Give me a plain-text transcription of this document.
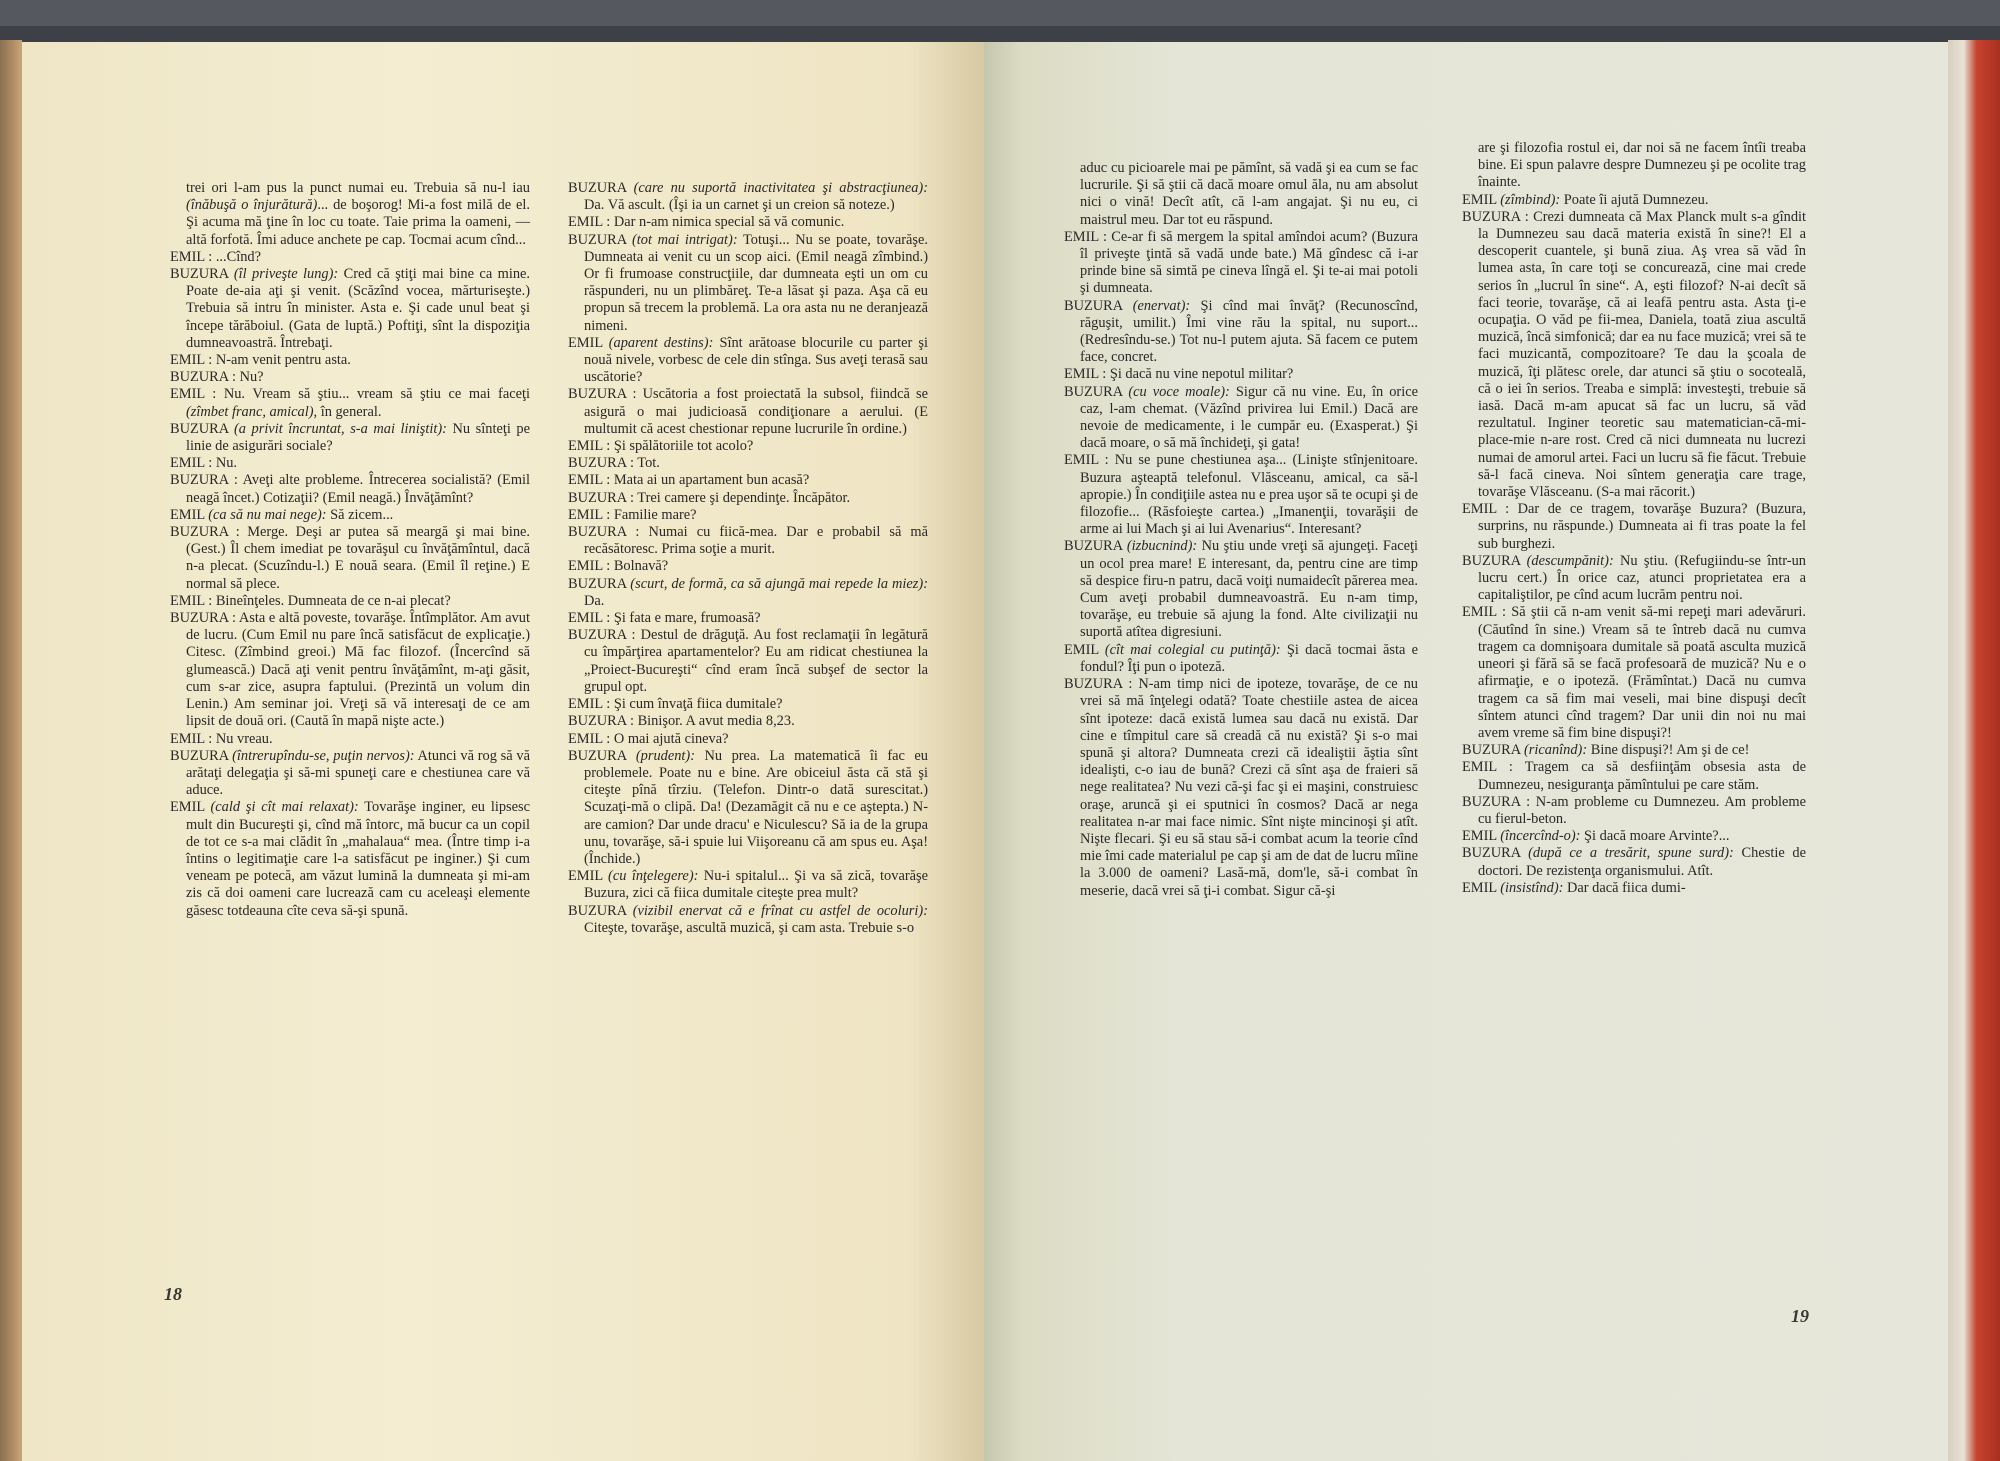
trei ori l-am pus la punct numai eu. Trebuia să nu-l iau (înăbuşă o înjurătură)... de boşorog! Mi-a fost milă de el. Şi acuma mă ţine în loc cu toate. Taie prima la oameni, — altă forfotă. Îmi aduce anchete pe cap. Tocmai acum cînd...

EMIL : ...Cînd?

BUZURA (îl priveşte lung): Cred că ştiţi mai bine ca mine. Poate de-aia aţi şi venit. (Scăzînd vocea, mărturiseşte.) Trebuia să intru în minister. Asta e. Şi cade unul beat şi începe tărăboiul. (Gata de luptă.) Poftiţi, sînt la dispoziţia dumneavoastră. Întrebaţi.

EMIL : N-am venit pentru asta.

BUZURA : Nu?

EMIL : Nu. Vream să ştiu... vream să ştiu ce mai faceţi (zîmbet franc, amical), în general.

BUZURA (a privit încruntat, s-a mai liniştit): Nu sînteţi pe linie de asigurări sociale?

EMIL : Nu.

BUZURA : Aveţi alte probleme. Întrecerea socialistă? (Emil neagă încet.) Cotizaţii? (Emil neagă.) Învăţămînt?

EMIL (ca să nu mai nege): Să zicem...

BUZURA : Merge. Deşi ar putea să meargă şi mai bine. (Gest.) Îl chem imediat pe tovarăşul cu învăţămîntul, dacă n-a plecat. (Scuzîndu-l.) E nouă seara. (Emil îl reţine.) E normal să plece.

EMIL : Bineînţeles. Dumneata de ce n-ai plecat?

BUZURA : Asta e altă poveste, tovarăşe. Întîmplător. Am avut de lucru. (Cum Emil nu pare încă satisfăcut de explicaţie.) Citesc. (Zîmbind greoi.) Mă fac filozof. (Încercînd să glumească.) Dacă aţi venit pentru învăţămînt, m-aţi găsit, cum s-ar zice, asupra faptului. (Prezintă un volum din Lenin.) Am seminar joi. Vreţi să vă interesaţi de ce am lipsit de două ori. (Caută în mapă nişte acte.)

EMIL : Nu vreau.

BUZURA (întrerupîndu-se, puţin nervos): Atunci vă rog să vă arătaţi delegaţia şi să-mi spuneţi care e chestiunea care vă aduce.

EMIL (cald şi cît mai relaxat): Tovarăşe inginer, eu lipsesc mult din Bucureşti şi, cînd mă întorc, mă bucur ca un copil de tot ce s-a mai clădit în „mahalaua“ mea. (Între timp i-a întins o legitimaţie care l-a satisfăcut pe inginer.) Şi cum veneam pe potecă, am văzut lumină la dumneata şi mi-am zis că doi oameni care lucrează cam cu aceleaşi elemente găsesc totdeauna cîte ceva să-şi spună.

BUZURA (care nu suportă inactivitatea şi abstracţiunea): Da. Vă ascult. (Îşi ia un carnet şi un creion să noteze.)

EMIL : Dar n-am nimica special să vă comunic.

BUZURA (tot mai intrigat): Totuşi... Nu se poate, tovarăşe. Dumneata ai venit cu un scop aici. (Emil neagă zîmbind.) Or fi frumoase construcţiile, dar dumneata eşti un om cu răspunderi, nu un plimbăreţ. Te-a lăsat şi paza. Aşa că eu propun să trecem la problemă. La ora asta nu ne deranjează nimeni.

EMIL (aparent destins): Sînt arătoase blocurile cu parter şi nouă nivele, vorbesc de cele din stînga. Sus aveţi terasă sau uscătorie?

BUZURA : Uscătoria a fost proiectată la subsol, fiindcă se asigură o mai judicioasă condiţionare a aerului. (E multumit că acest chestionar repune lucrurile în ordine.)

EMIL : Şi spălătoriile tot acolo?

BUZURA : Tot.

EMIL : Mata ai un apartament bun acasă?

BUZURA : Trei camere şi dependinţe. Încăpător.

EMIL : Familie mare?

BUZURA : Numai cu fiică-mea. Dar e probabil să mă recăsătoresc. Prima soţie a murit.

EMIL : Bolnavă?

BUZURA (scurt, de formă, ca să ajungă mai repede la miez): Da.

EMIL : Şi fata e mare, frumoasă?

BUZURA : Destul de drăguţă. Au fost reclamaţii în legătură cu împărţirea apartamentelor? Eu am ridicat chestiunea la „Proiect-Bucureşti“ cînd eram încă subşef de sector la grupul opt.

EMIL : Şi cum învaţă fiica dumitale?

BUZURA : Binişor. A avut media 8,23.

EMIL : O mai ajută cineva?

BUZURA (prudent): Nu prea. La matematică îi fac eu problemele. Poate nu e bine. Are obiceiul ăsta că stă şi citeşte pînă tîrziu. (Telefon. Dintr-o dată surescitat.) Scuzaţi-mă o clipă. Da! (Dezamăgit că nu e ce aştepta.) N-are camion? Dar unde dracu' e Niculescu? Să ia de la grupa unu, tovarăşe, să-i spuie lui Viişoreanu că am spus eu. Aşa! (Închide.)

EMIL (cu înţelegere): Nu-i spitalul... Şi va să zică, tovarăşe Buzura, zici că fiica dumitale citeşte prea mult?

BUZURA (vizibil enervat că e frînat cu astfel de ocoluri): Citeşte, tovarăşe, ascultă muzică, şi cam asta. Trebuie s-o

18

aduc cu picioarele mai pe pămînt, să vadă şi ea cum se fac lucrurile. Şi să ştii că dacă moare omul ăla, nu am absolut nici o vină! Decît atît, că l-am angajat. Şi nu eu, ci maistrul meu. Dar tot eu răspund.

EMIL : Ce-ar fi să mergem la spital amîndoi acum? (Buzura îl priveşte ţintă să vadă unde bate.) Mă gîndesc că i-ar prinde bine să simtă pe cineva lîngă el. Şi te-ai mai potoli şi dumneata.

BUZURA (enervat): Şi cînd mai învăţ? (Recunoscînd, răguşit, umilit.) Îmi vine rău la spital, nu suport... (Redresîndu-se.) Tot nu-l putem ajuta. Să facem ce putem face, concret.

EMIL : Şi dacă nu vine nepotul militar?

BUZURA (cu voce moale): Sigur că nu vine. Eu, în orice caz, l-am chemat. (Văzînd privirea lui Emil.) Dacă are nevoie de medicamente, i le cumpăr eu. (Exasperat.) Şi dacă moare, o să mă închideţi, şi gata!

EMIL : Nu se pune chestiunea aşa... (Linişte stînjenitoare. Buzura aşteaptă telefonul. Vlăsceanu, amical, ca să-l apropie.) În condiţiile astea nu e prea uşor să te ocupi şi de filozofie... (Răsfoieşte cartea.) „Imanenţii, tovarăşii de arme ai lui Mach şi ai lui Avenarius“. Interesant?

BUZURA (izbucnind): Nu ştiu unde vreţi să ajungeţi. Faceţi un ocol prea mare! E interesant, da, pentru cine are timp să despice firu-n patru, dacă voiţi numaidecît părerea mea. Cum aveţi probabil dumneavoastră. Eu n-am timp, tovarăşe, eu trebuie să ajung la fond. Alte civilizaţii nu suportă atîtea digresiuni.

EMIL (cît mai colegial cu putinţă): Şi dacă tocmai ăsta e fondul? Îţi pun o ipoteză.

BUZURA : N-am timp nici de ipoteze, tovarăşe, de ce nu vrei să mă înţelegi odată? Toate chestiile astea de aicea sînt ipoteze: dacă există lumea sau dacă nu există. Dar cine e tîmpitul care să creadă că nu există? Şi s-o mai spună şi altora? Dumneata crezi că idealiştii ăştia sînt idealişti, c-o iau de bună? Crezi că sînt aşa de fraieri să nege realitatea? Nu vezi că-şi fac şi ei maşini, construiesc oraşe, aruncă şi ei sputnici în cosmos? Dacă ar nega realitatea n-ar mai face nimic. Sînt nişte mincinoşi şi atît. Nişte flecari. Şi eu să stau să-i combat acum la teorie cînd mie îmi cade materialul pe cap şi am de dat de lucru mîine la 3.000 de oameni? Lasă-mă, dom'le, să-i combat în meserie, dacă vrei să ţi-i combat. Sigur că-şi

are şi filozofia rostul ei, dar noi să ne facem întîi treaba bine. Ei spun palavre despre Dumnezeu şi pe ocolite trag înainte.

EMIL (zîmbind): Poate îi ajută Dumnezeu.

BUZURA : Crezi dumneata că Max Planck mult s-a gîndit la Dumnezeu sau dacă materia există în sine?! El a descoperit cuantele, şi bună ziua. Aş vrea să văd în lumea asta, în care toţi se concurează, cine mai crede serios în „lucrul în sine“. A, eşti filozof? N-ai decît să faci teorie, tovarăşe, că ai leafă pentru asta. Asta ţi-e ocupaţia. O văd pe fii-mea, Daniela, toată ziua ascultă muzică, încă simfonică; dar ea nu face muzică; vrei să te faci muzicantă, compozitoare? Te dau la şcoala de muzică, îţi plătesc orele, dar atunci să ştiu o socoteală, că o iei în serios. Treaba e simplă: investeşti, trebuie să iasă. Dacă m-am apucat să fac un lucru, să văd rezultatul. Inginer teoretic sau matematician-că-mi-place-mie n-are rost. Cred că nici dumneata nu lucrezi numai de amorul artei. Faci un lucru să fie făcut. Trebuie să-l facă cineva. Noi sîntem generaţia care trage, tovarăşe Vlăsceanu. (S-a mai răcorit.)

EMIL : Dar de ce tragem, tovarăşe Buzura? (Buzura, surprins, nu răspunde.) Dumneata ai fi tras poate la fel sub burghezi.

BUZURA (descumpănit): Nu ştiu. (Refugiindu-se într-un lucru cert.) În orice caz, atunci proprietatea era a capitaliştilor, pe cînd acum lucrăm pentru noi.

EMIL : Să ştii că n-am venit să-mi repeţi mari adevăruri. (Căutînd în sine.) Vream să te întreb dacă nu cumva tragem ca domnişoara dumitale să poată asculta muzică uneori şi fără să se facă profesoară de muzică? Nu e o afirmaţie, e o ipoteză. (Frămîntat.) Dacă nu cumva tragem ca să fim mai veseli, mai bine dispuşi decît sîntem atunci cînd tragem? Dar unii din noi nu mai avem vreme să fim bine dispuşi?!

BUZURA (ricanînd): Bine dispuşi?! Am şi de ce!

EMIL : Tragem ca să desfiinţăm obsesia asta de Dumnezeu, nesiguranţa pămîntului pe care stăm.

BUZURA : N-am probleme cu Dumnezeu. Am probleme cu fierul-beton.

EMIL (încercînd-o): Şi dacă moare Arvinte?...

BUZURA (după ce a tresărit, spune surd): Chestie de doctori. De rezistenţa organismului. Atît.

EMIL (insistînd): Dar dacă fiica dumi-

19
